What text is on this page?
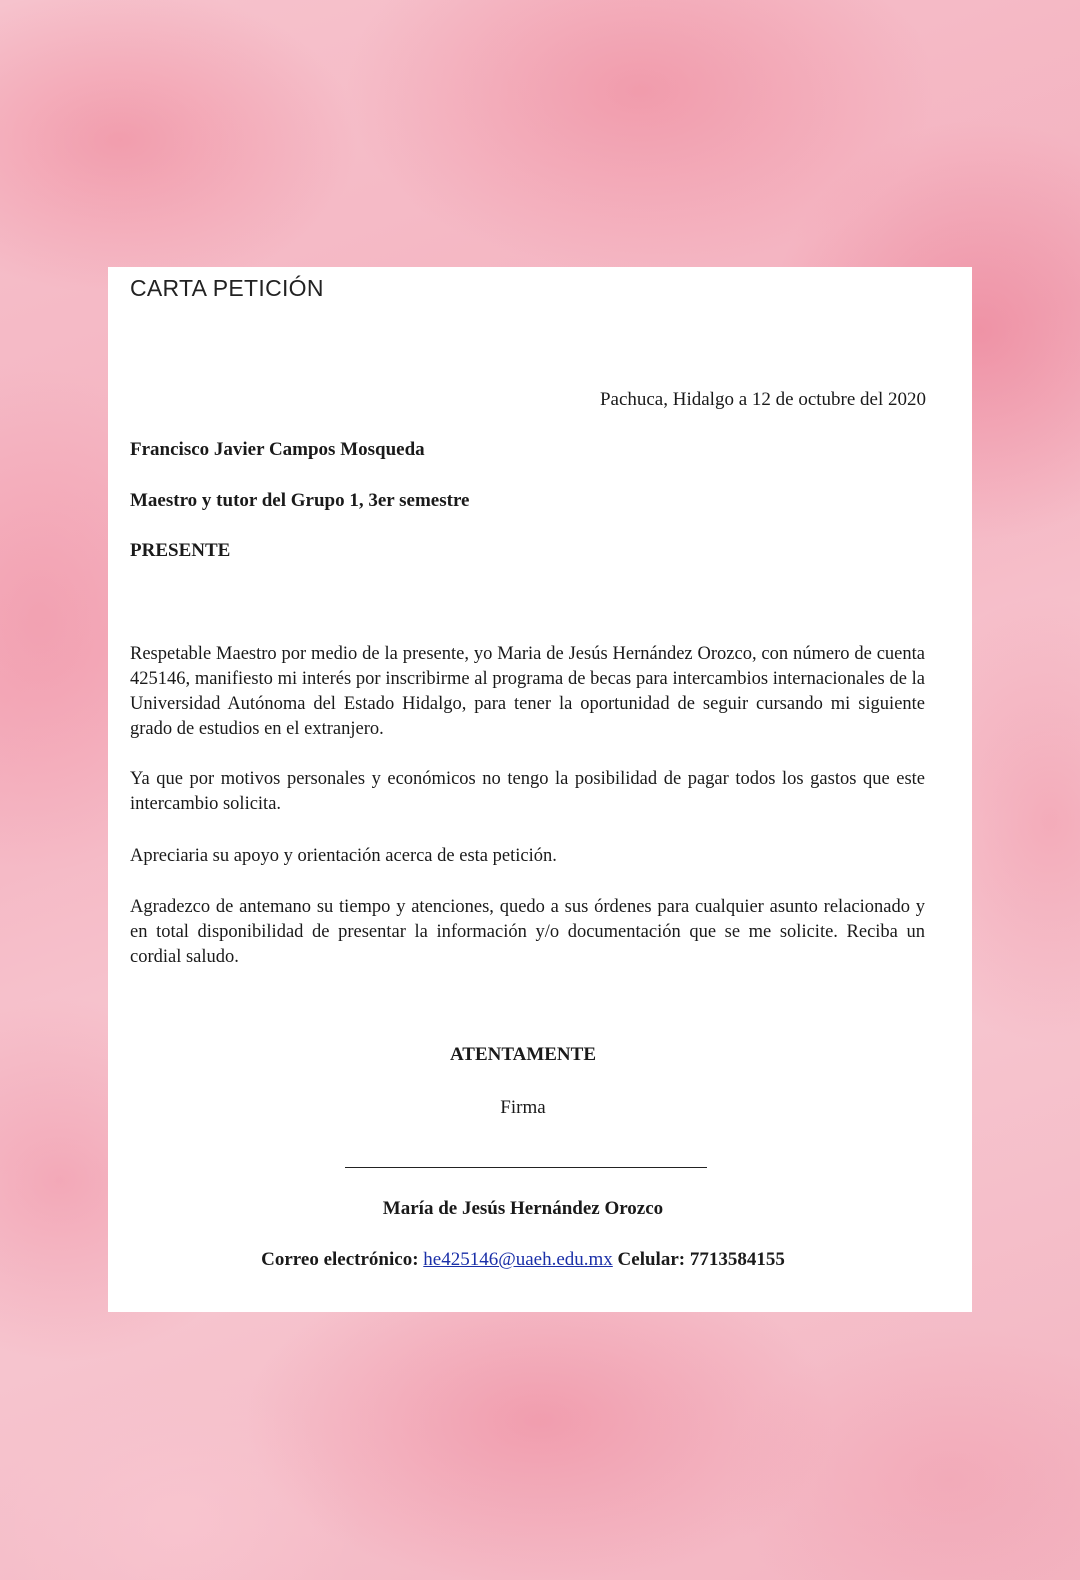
CARTA PETICIÓN
Pachuca, Hidalgo a 12 de octubre del 2020
Francisco Javier Campos Mosqueda
Maestro y tutor del Grupo 1, 3er semestre
PRESENTE

Respetable Maestro por medio de la presente, yo Maria de Jesús Hernández Orozco, con número de cuenta 425146, manifiesto mi interés por inscribirme al programa de becas para intercambios internacionales de la Universidad Autónoma del Estado Hidalgo, para tener la oportunidad de seguir cursando mi siguiente grado de estudios en el extranjero.

Ya que por motivos personales y económicos no tengo la posibilidad de pagar todos los gastos que este intercambio solicita.

Apreciaria su apoyo y orientación acerca de esta petición.

Agradezco de antemano su tiempo y atenciones, quedo a sus órdenes para cualquier asunto relacionado y en total disponibilidad de presentar la información y/o documentación que se me solicite. Reciba un cordial saludo.

ATENTAMENTE
Firma
María de Jesús Hernández Orozco
Correo electrónico: he425146@uaeh.edu.mx Celular: 7713584155
